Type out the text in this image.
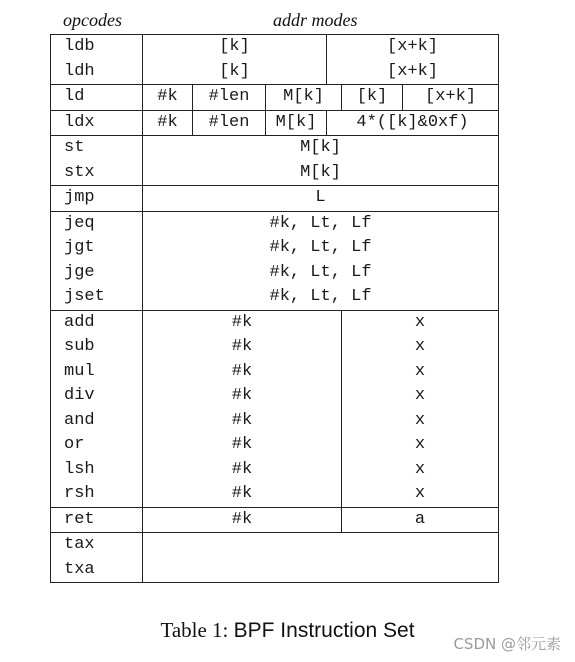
opcodes	addr modes
ldb	[k]			[x+k]		
ldh	[k]			[x+k]		
ld	#k	#len	M[k]		[k]	[x+k]
ldx	#k	#len	M[k]	4*([k]&0xf)		
st	M[k]					
stx	M[k]					
jmp	L					
jeq	#k, Lt, Lf					
jgt	#k, Lt, Lf					
jge	#k, Lt, Lf					
jset	#k, Lt, Lf					
add	#k				x	
sub	#k				x	
mul	#k				x	
div	#k				x	
and	#k				x	
or	#k				x	
lsh	#k				x	
rsh	#k				x	
ret	#k				a	
tax						
txa						
Table 1: BPF Instruction Set
CSDN @邻元素
